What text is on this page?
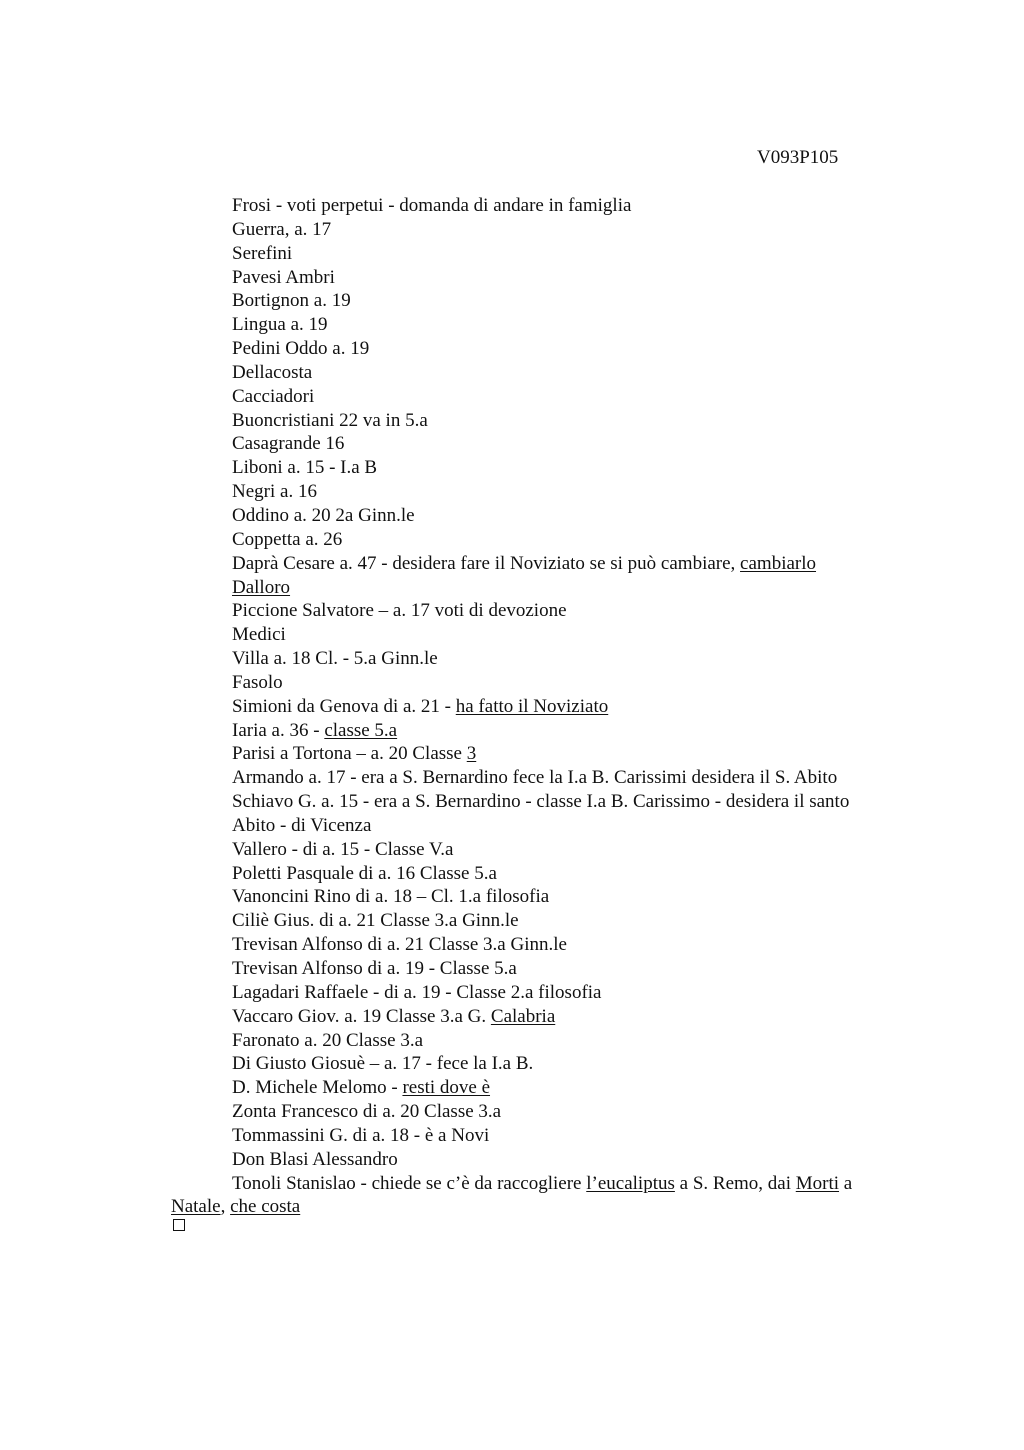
V093P105
Frosi - voti perpetui - domanda di andare in famiglia
Guerra, a. 17
Serefini
Pavesi Ambri
Bortignon a. 19
Lingua a. 19
Pedini Oddo a. 19
Dellacosta
Cacciadori
Buoncristiani 22 va in 5.a
Casagrande 16
Liboni a. 15 - I.a B
Negri a. 16
Oddino a. 20 2a Ginn.le
Coppetta a. 26
Daprà Cesare a. 47 - desidera fare il Noviziato se si può cambiare, cambiarlo
Dalloro
Piccione Salvatore – a. 17 voti di devozione
Medici
Villa a. 18 Cl. - 5.a Ginn.le
Fasolo
Simioni da Genova di a. 21 - ha fatto il Noviziato
Iaria a. 36 - classe 5.a
Parisi a Tortona – a. 20 Classe 3
Armando a. 17 - era a S. Bernardino fece la I.a B. Carissimi desidera il S. Abito
Schiavo G. a. 15 - era a S. Bernardino - classe I.a B. Carissimo - desidera il santo
Abito - di Vicenza
Vallero - di a. 15 - Classe V.a
Poletti Pasquale di a. 16 Classe 5.a
Vanoncini Rino di a. 18 – Cl. 1.a filosofia
Ciliè Gius. di a. 21 Classe 3.a Ginn.le
Trevisan Alfonso di a. 21 Classe 3.a Ginn.le
Trevisan Alfonso di a. 19 - Classe 5.a
Lagadari Raffaele - di a. 19 - Classe 2.a filosofia
Vaccaro Giov. a. 19 Classe 3.a G. Calabria
Faronato a. 20 Classe 3.a
Di Giusto Giosuè – a. 17 - fece la I.a B.
D. Michele Melomo - resti dove è
Zonta Francesco di a. 20 Classe 3.a
Tommassini G. di a. 18 - è a Novi
Don Blasi Alessandro
Tonoli Stanislao - chiede se c’è da raccogliere l’eucaliptus a S. Remo, dai Morti a
Natale, che costa
